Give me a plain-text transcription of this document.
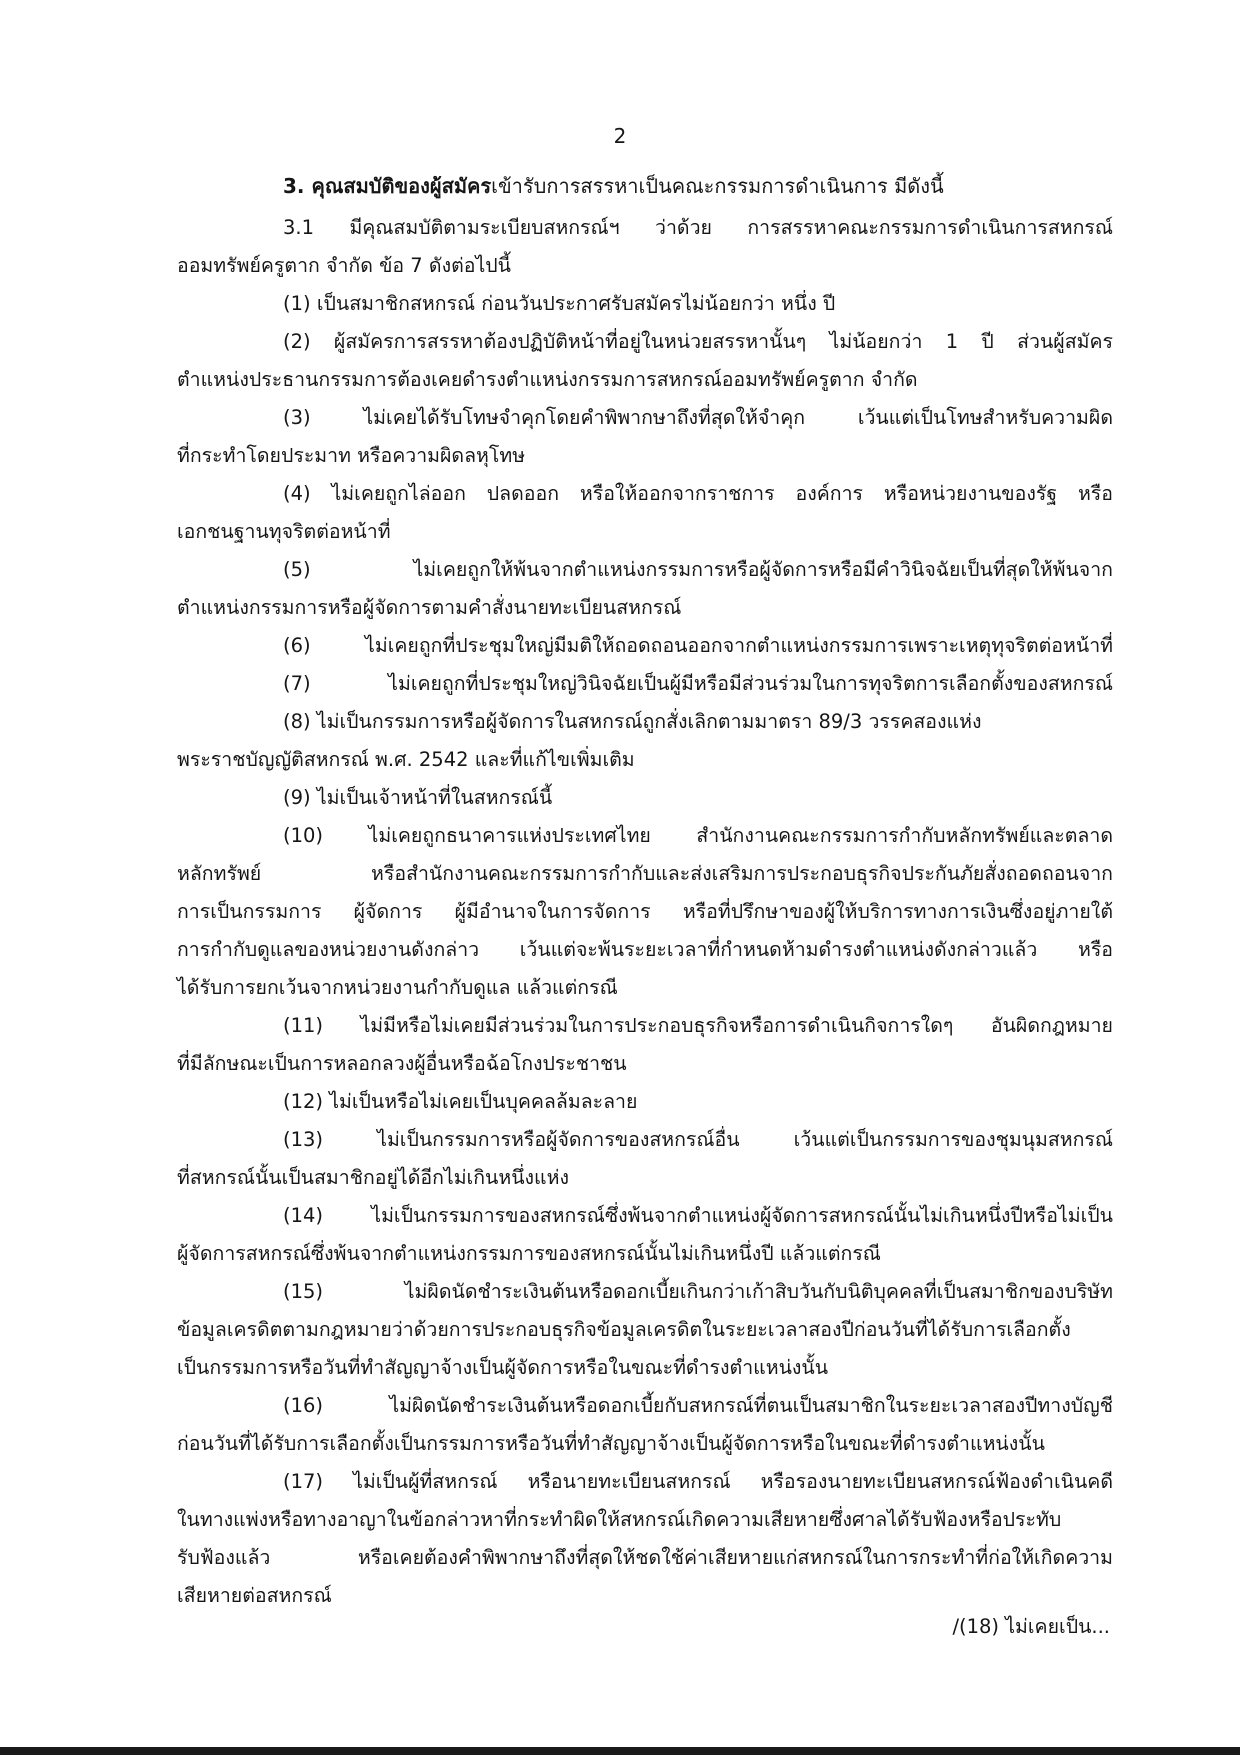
2
3. คุณสมบัติของผู้สมัครเข้ารับการสรรหาเป็นคณะกรรมการดำเนินการ มีดังนี้
3.1 มีคุณสมบัติตามระเบียบสหกรณ์ฯ ว่าด้วย การสรรหาคณะกรรมการดำเนินการสหกรณ์
ออมทรัพย์ครูตาก จำกัด ข้อ 7 ดังต่อไปนี้
(1) เป็นสมาชิกสหกรณ์ ก่อนวันประกาศรับสมัครไม่น้อยกว่า หนึ่ง ปี
(2) ผู้สมัครการสรรหาต้องปฏิบัติหน้าที่อยู่ในหน่วยสรรหานั้นๆ ไม่น้อยกว่า 1 ปี ส่วนผู้สมัคร
ตำแหน่งประธานกรรมการต้องเคยดำรงตำแหน่งกรรมการสหกรณ์ออมทรัพย์ครูตาก จำกัด
(3) ไม่เคยได้รับโทษจำคุกโดยคำพิพากษาถึงที่สุดให้จำคุก เว้นแต่เป็นโทษสำหรับความผิด
ที่กระทำโดยประมาท หรือความผิดลหุโทษ
(4) ไม่เคยถูกไล่ออก ปลดออก หรือให้ออกจากราชการ องค์การ หรือหน่วยงานของรัฐ หรือ
เอกชนฐานทุจริตต่อหน้าที่
(5) ไม่เคยถูกให้พ้นจากตำแหน่งกรรมการหรือผู้จัดการหรือมีคำวินิจฉัยเป็นที่สุดให้พ้นจาก
ตำแหน่งกรรมการหรือผู้จัดการตามคำสั่งนายทะเบียนสหกรณ์
(6) ไม่เคยถูกที่ประชุมใหญ่มีมติให้ถอดถอนออกจากตำแหน่งกรรมการเพราะเหตุทุจริตต่อหน้าที่
(7) ไม่เคยถูกที่ประชุมใหญ่วินิจฉัยเป็นผู้มีหรือมีส่วนร่วมในการทุจริตการเลือกตั้งของสหกรณ์
(8) ไม่เป็นกรรมการหรือผู้จัดการในสหกรณ์ถูกสั่งเลิกตามมาตรา 89/3 วรรคสองแห่ง
พระราชบัญญัติสหกรณ์ พ.ศ. 2542 และที่แก้ไขเพิ่มเติม
(9) ไม่เป็นเจ้าหน้าที่ในสหกรณ์นี้
(10) ไม่เคยถูกธนาคารแห่งประเทศไทย สำนักงานคณะกรรมการกำกับหลักทรัพย์และตลาด
หลักทรัพย์ หรือสำนักงานคณะกรรมการกำกับและส่งเสริมการประกอบธุรกิจประกันภัยสั่งถอดถอนจาก
การเป็นกรรมการ ผู้จัดการ ผู้มีอำนาจในการจัดการ หรือที่ปรึกษาของผู้ให้บริการทางการเงินซึ่งอยู่ภายใต้
การกำกับดูแลของหน่วยงานดังกล่าว เว้นแต่จะพ้นระยะเวลาที่กำหนดห้ามดำรงตำแหน่งดังกล่าวแล้ว หรือ
ได้รับการยกเว้นจากหน่วยงานกำกับดูแล แล้วแต่กรณี
(11) ไม่มีหรือไม่เคยมีส่วนร่วมในการประกอบธุรกิจหรือการดำเนินกิจการใดๆ อันผิดกฎหมาย
ที่มีลักษณะเป็นการหลอกลวงผู้อื่นหรือฉ้อโกงประชาชน
(12) ไม่เป็นหรือไม่เคยเป็นบุคคลล้มละลาย
(13) ไม่เป็นกรรมการหรือผู้จัดการของสหกรณ์อื่น เว้นแต่เป็นกรรมการของชุมนุมสหกรณ์
ที่สหกรณ์นั้นเป็นสมาชิกอยู่ได้อีกไม่เกินหนึ่งแห่ง
(14) ไม่เป็นกรรมการของสหกรณ์ซึ่งพ้นจากตำแหน่งผู้จัดการสหกรณ์นั้นไม่เกินหนึ่งปีหรือไม่เป็น
ผู้จัดการสหกรณ์ซึ่งพ้นจากตำแหน่งกรรมการของสหกรณ์นั้นไม่เกินหนึ่งปี แล้วแต่กรณี
(15) ไม่ผิดนัดชำระเงินต้นหรือดอกเบี้ยเกินกว่าเก้าสิบวันกับนิติบุคคลที่เป็นสมาชิกของบริษัท
ข้อมูลเครดิตตามกฎหมายว่าด้วยการประกอบธุรกิจข้อมูลเครดิตในระยะเวลาสองปีก่อนวันที่ได้รับการเลือกตั้ง
เป็นกรรมการหรือวันที่ทำสัญญาจ้างเป็นผู้จัดการหรือในขณะที่ดำรงตำแหน่งนั้น
(16) ไม่ผิดนัดชำระเงินต้นหรือดอกเบี้ยกับสหกรณ์ที่ตนเป็นสมาชิกในระยะเวลาสองปีทางบัญชี
ก่อนวันที่ได้รับการเลือกตั้งเป็นกรรมการหรือวันที่ทำสัญญาจ้างเป็นผู้จัดการหรือในขณะที่ดำรงตำแหน่งนั้น
(17) ไม่เป็นผู้ที่สหกรณ์ หรือนายทะเบียนสหกรณ์ หรือรองนายทะเบียนสหกรณ์ฟ้องดำเนินคดี
ในทางแพ่งหรือทางอาญาในข้อกล่าวหาที่กระทำผิดให้สหกรณ์เกิดความเสียหายซึ่งศาลได้รับฟ้องหรือประทับ
รับฟ้องแล้ว หรือเคยต้องคำพิพากษาถึงที่สุดให้ชดใช้ค่าเสียหายแก่สหกรณ์ในการกระทำที่ก่อให้เกิดความ
เสียหายต่อสหกรณ์
/(18) ไม่เคยเป็น...
